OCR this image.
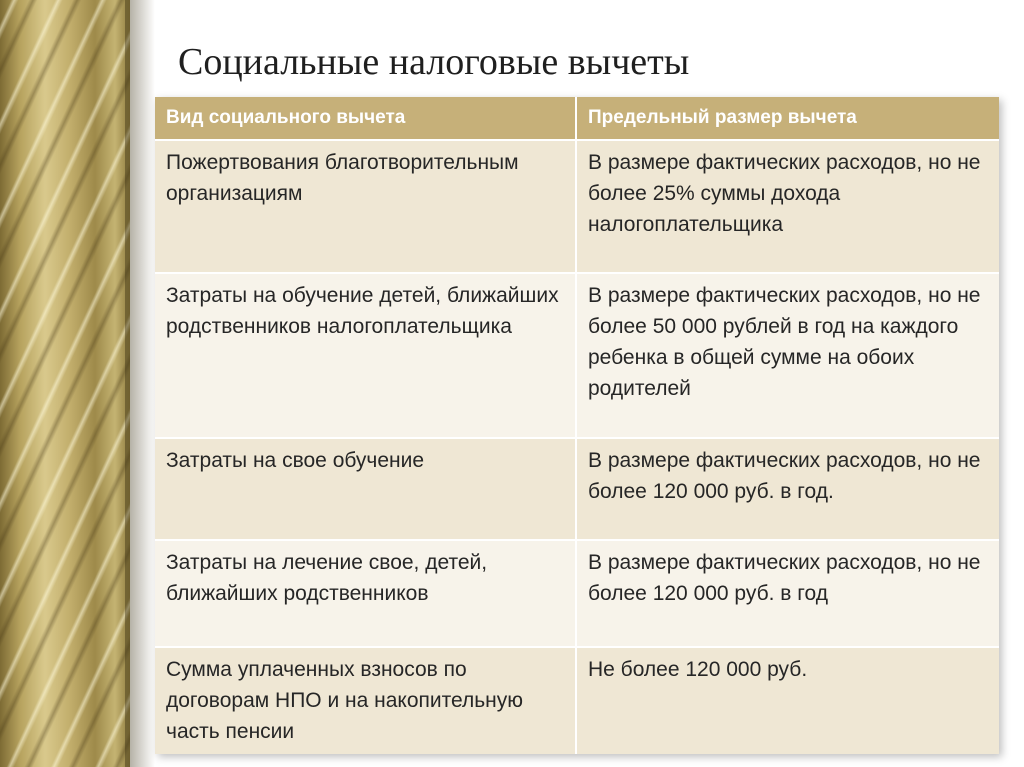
Социальные налоговые вычеты
Вид социального вычета	Предельный размер вычета
Пожертвования благотворительным организациям	В размере фактических расходов, но не более 25% суммы дохода налогоплательщика
Затраты на обучение детей, ближайших родственников налогоплательщика	В размере фактических расходов, но не более 50 000 рублей в год на каждого ребенка в общей сумме на обоих родителей
Затраты на свое обучение	В размере фактических расходов, но не более 120 000 руб. в год.
Затраты на лечение свое, детей, ближайших родственников	В размере фактических расходов, но не более 120 000 руб. в год
Сумма уплаченных взносов по договорам НПО и на накопительную часть пенсии	Не более 120 000 руб.
